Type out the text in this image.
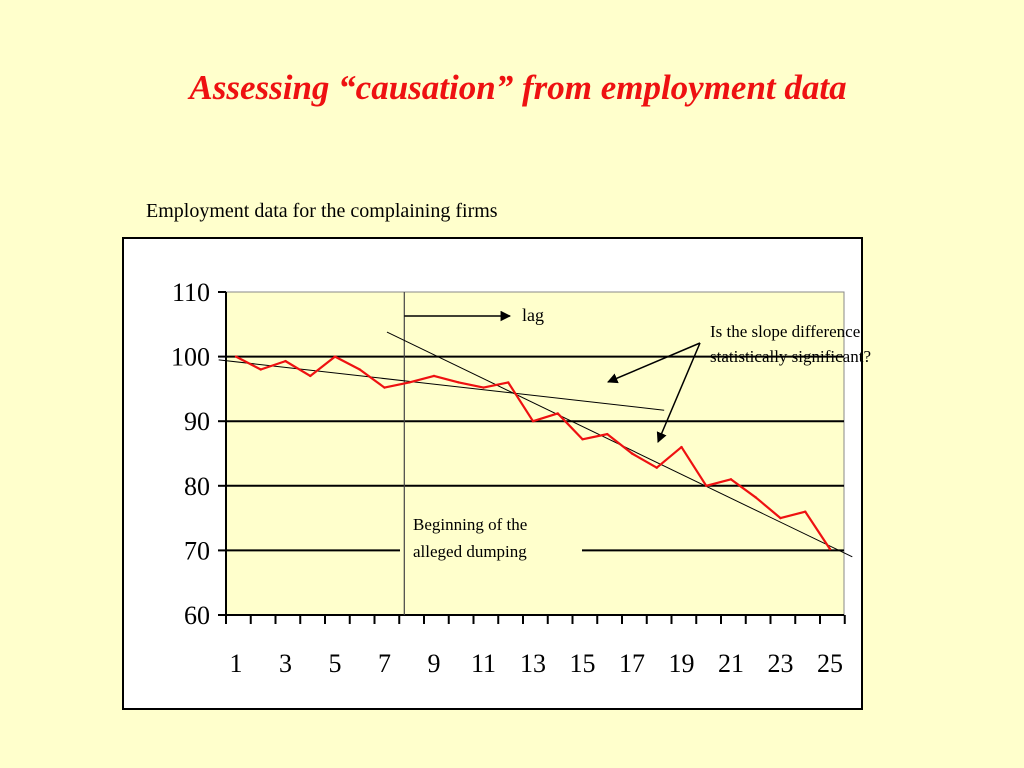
Assessing “causation” from employment data
Employment data for the complaining firms
60
70
80
90
100
110
1 3 5 7 9 11 13 15 17 19 21 23 25
lag
Is the slope difference
statistically significant?
Beginning of the
alleged dumping
